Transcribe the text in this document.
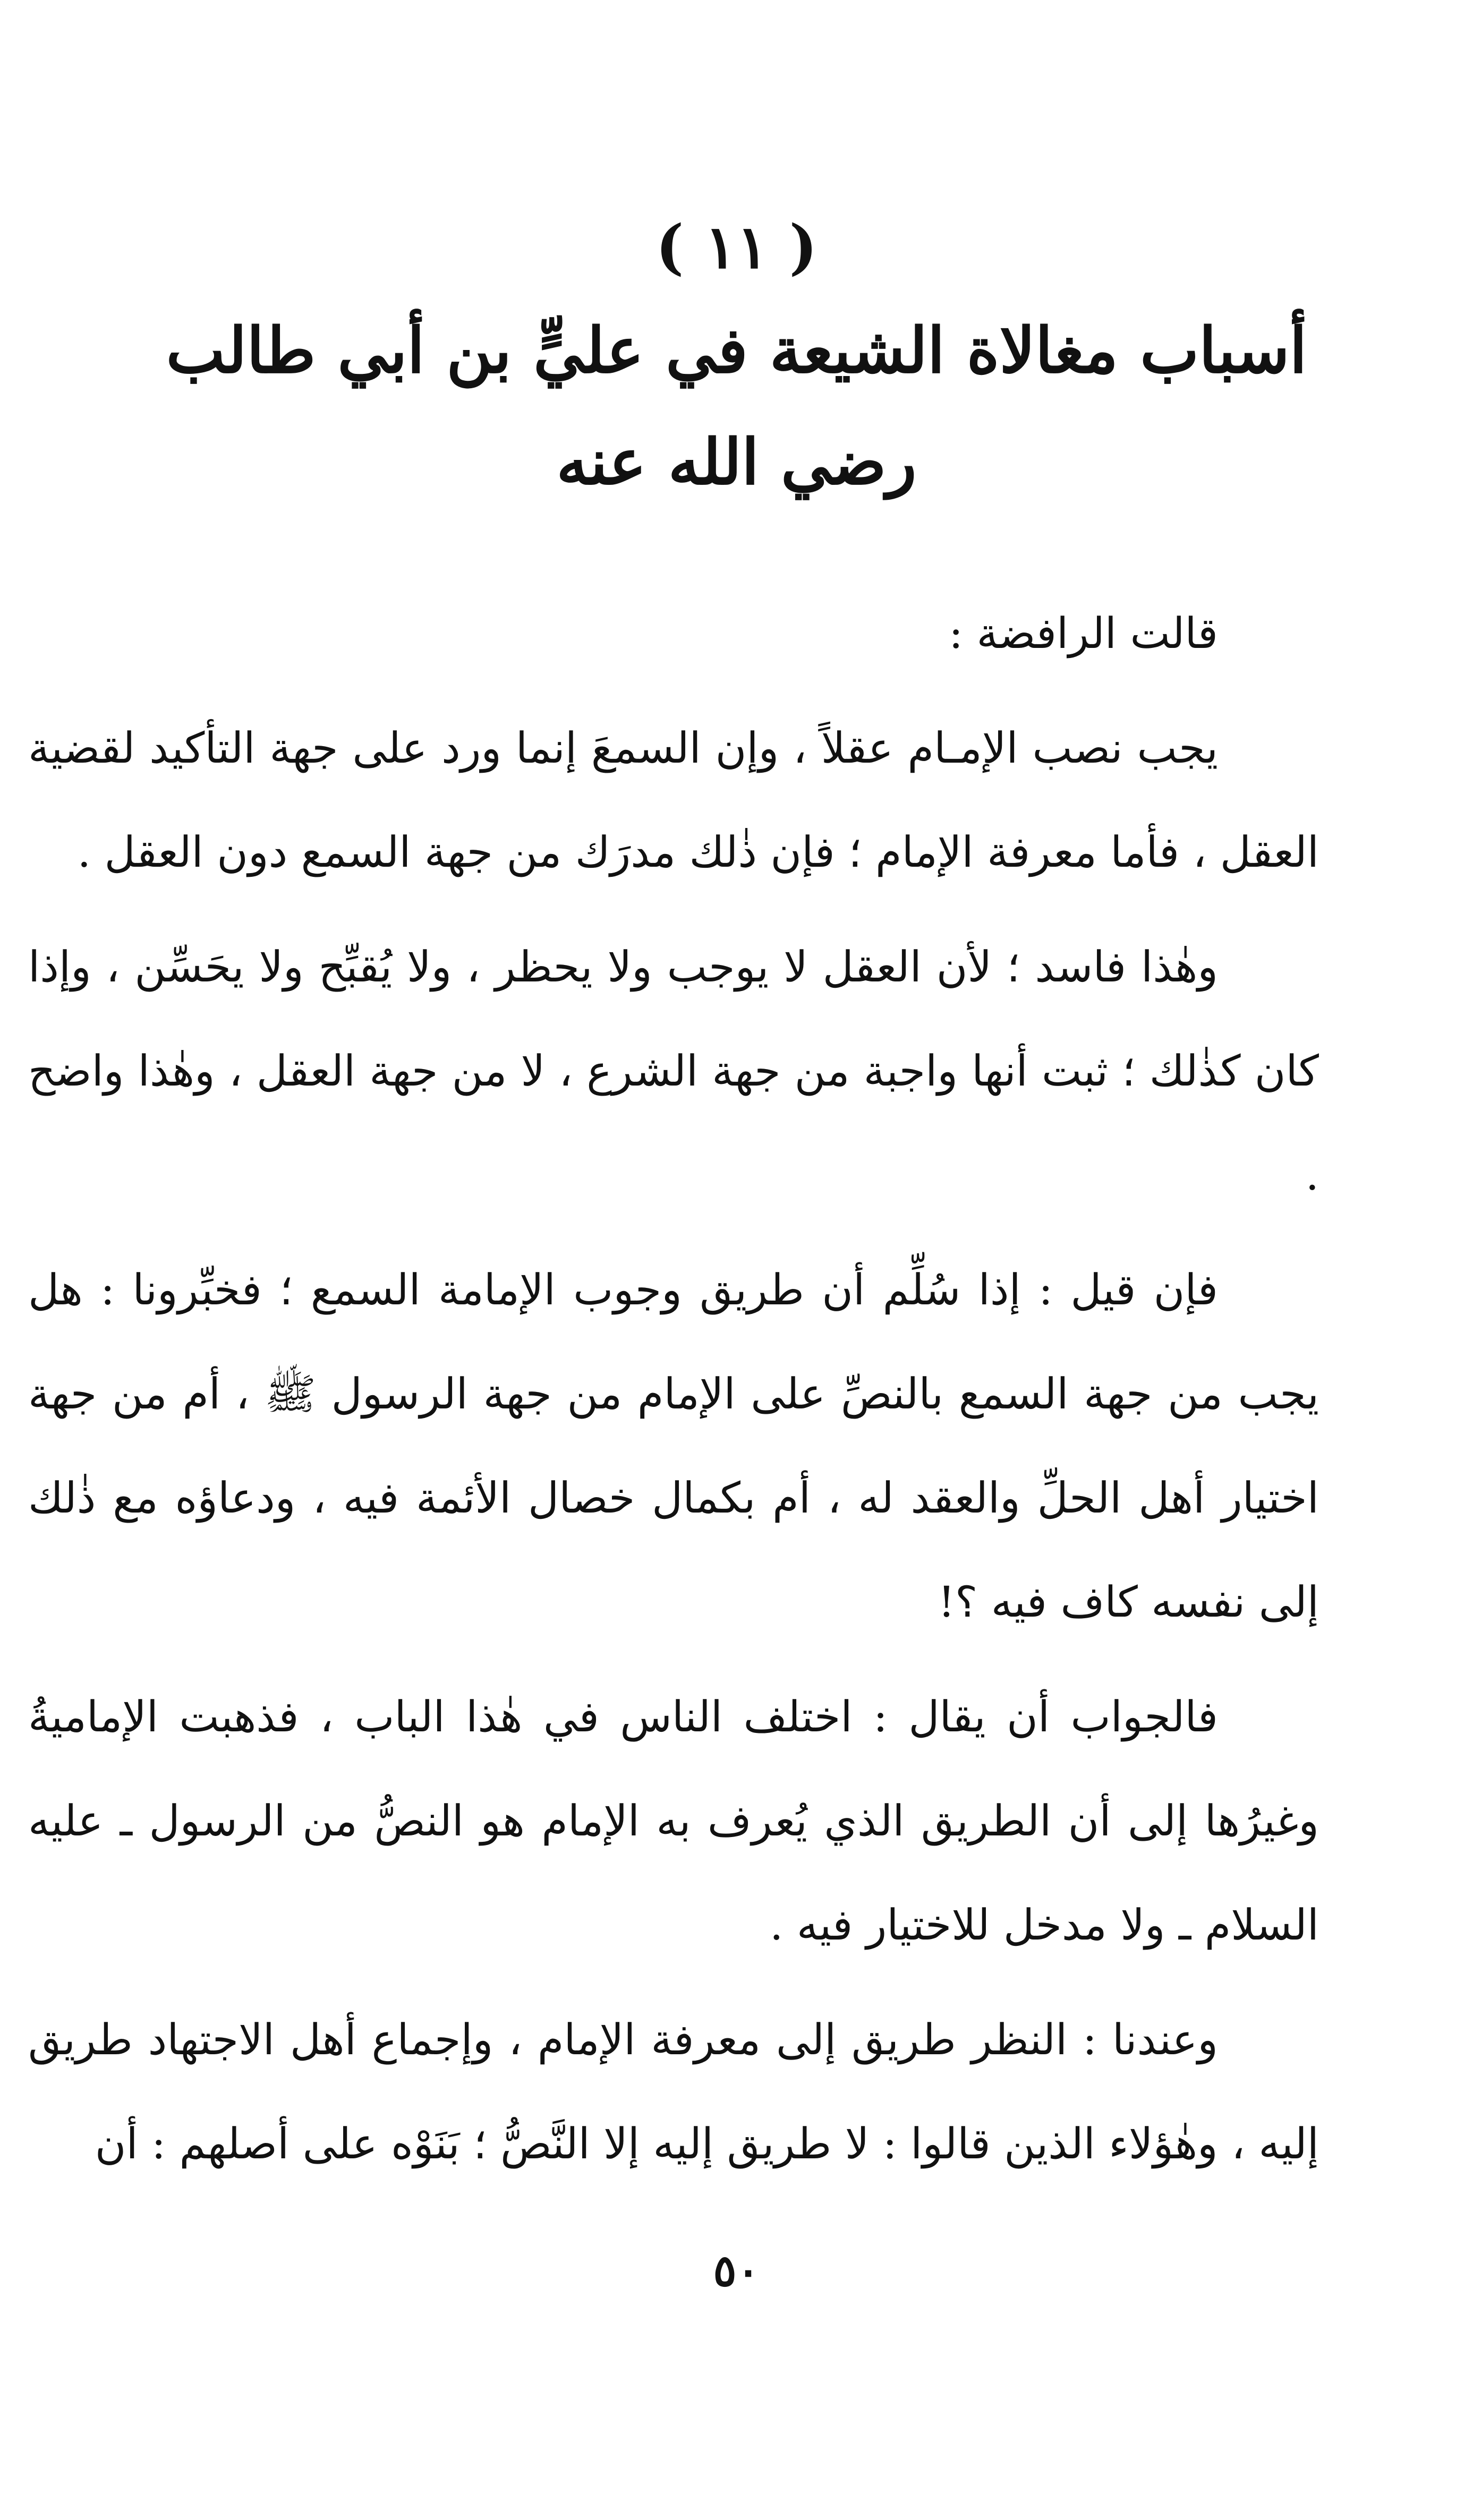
( ١١ )
أسباب مغالاة الشيعة في عليٍّ بن أبي طالب
رضي الله عنه

قالت الرافضة :

يجب نصب الإمـام عقلاً ، وإن السمعَ إنما ورد على جهة التأكيد لقضية العقل ، فأما معرفة الإمام ؛ فإن ذٰلك مدرَك من جهة السمع دون العقل .

وهٰذا فاسد ؛ لأن العقل لا يوجب ولا يحظر ، ولا يُقبِّح ولا يحَسِّن ، وإذا كان كذٰلك ؛ ثبت أنها واجبة من جهة الشرع ، لا من جهة العقل ، وهٰذا واضح .

فإن قيل : إذا سُلِّم أن طريق وجوب الإمامة السمع ؛ فخبِّرونا : هل يجب من جهة السمع بالنصِّ على الإمام من جهة الرسول ﷺ ، أم من جهة اختيار أهل الحلِّ والعقد له ، أم بكمال خصال الأئمة فيه ، ودعاؤه مع ذٰلك إلى نفسه كاف فيه ؟!

فالجواب أن يقال : اختلف الناس في هٰذا الباب ، فذهبت الإماميةُ وغيرُها إلى أن الطريق الذي يُعرف به الإمام هو النصُّ من الرسول ـ عليه السلام ـ ولا مدخل للاختيار فيه .

وعندنا : النظر طريق إلى معرفة الإمام ، وإجماع أهل الاجتهاد طريق إليه ، وهٰؤلاء الذين قالوا : لا طريق إليه إلا النَّصُّ ؛ بَنَوْه على أصلهم : أن

٥٠
